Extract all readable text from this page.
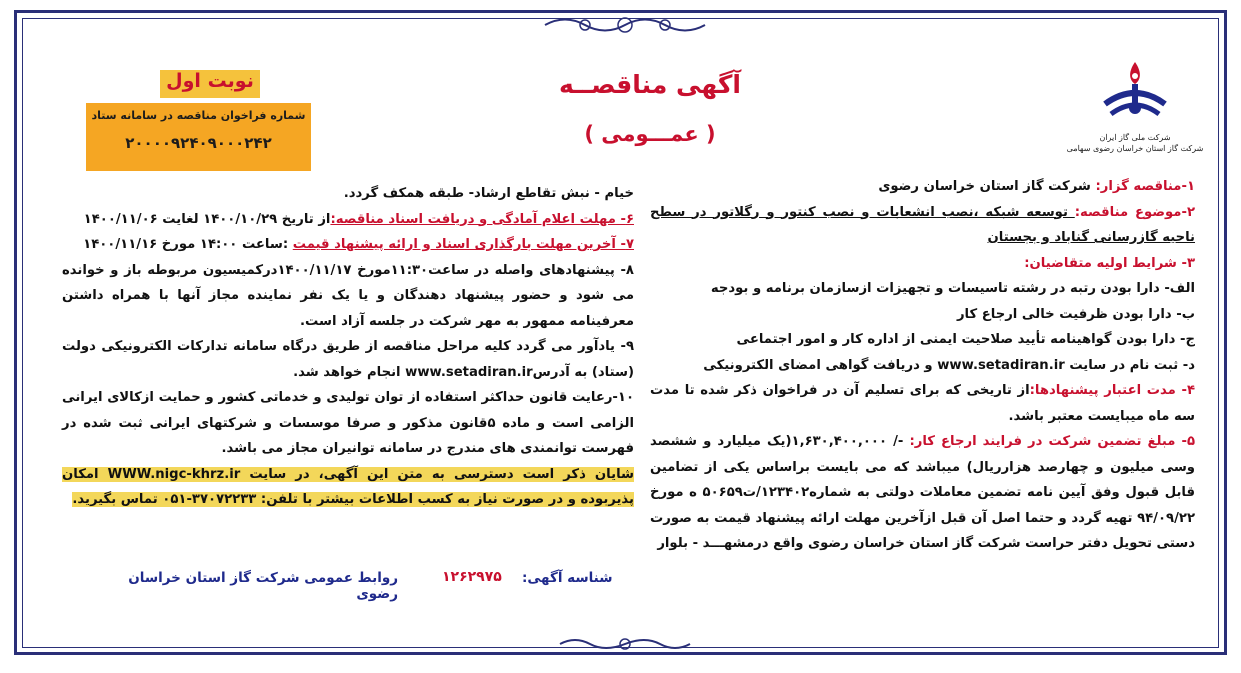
شرکت ملی گاز ایران
شرکت گاز استان خراسان رضوی سهامی
آگهی مناقصــه
( عمـــومی )
نوبت اول
شماره فراخوان مناقصه در سامانه ستاد
۲۰۰۰۰۹۲۴۰۹۰۰۰۲۴۲

۱-مناقصه گزار: شرکت گاز استان خراسان رضوی

۲-موضوع مناقصه: توسعه شبکه ،نصب انشعابات و نصب کنتور و رگلاتور در سطح ناحیه گازرسانی گناباد و بجستان

۳- شرایط اولیه متقاضیان:

الف- دارا بودن رتبه در رشته تاسیسات و تجهیزات ازسازمان برنامه و بودجه

ب- دارا بودن ظرفیت خالی ارجاع کار

ج- دارا بودن گواهینامه تأیید صلاحیت ایمنی از اداره کار و امور اجتماعی

د- ثبت نام در سایت www.setadiran.ir و دریافت گواهی امضای الکترونیکی

۴- مدت اعتبار پیشنهادها:از تاریخی که برای تسلیم آن در فراخوان ذکر شده تا مدت سه ماه میبایست معتبر باشد.

۵- مبلغ تضمین شرکت در فرایند ارجاع کار: -/ ۱,۶۳۰,۴۰۰,۰۰۰(یک میلیارد و ششصد وسی میلیون و چهارصد هزارریال) میباشد که می بایست براساس یکی از تضامین قابل قبول وفق آیین نامه تضمین معاملات دولتی به شماره۱۲۳۴۰۲/ت۵۰۶۵۹ ه مورخ ۹۴/۰۹/۲۲ تهیه گردد و حتما اصل آن قبل ازآخرین مهلت ارائه پیشنهاد قیمت به صورت دستی تحویل دفتر حراست شرکت گاز استان خراسان رضوی واقع درمشهـــد - بلوار

خیام - نبش تقاطع ارشاد- طبقه همکف گردد.

۶- مهلت اعلام آمادگی و دریافت اسناد مناقصه:از تاریخ ۱۴۰۰/۱۰/۲۹ لغایت ۱۴۰۰/۱۱/۰۶

۷- آخرین مهلت بارگذاری اسناد و ارائه پیشنهاد قیمت :ساعت ۱۴:۰۰ مورخ ۱۴۰۰/۱۱/۱۶

۸- پیشنهادهای واصله در ساعت۱۱:۳۰مورخ ۱۴۰۰/۱۱/۱۷درکمیسیون مربوطه باز و خوانده می شود و حضور پیشنهاد دهندگان و یا یک نفر نماینده مجاز آنها با همراه داشتن معرفینامه ممهور به مهر شرکت در جلسه آزاد است.

۹- یادآور می گردد کلیه مراحل مناقصه از طریق درگاه سامانه تدارکات الکترونیکی دولت (ستاد) به آدرسwww.setadiran.ir انجام خواهد شد.

۱۰-رعایت قانون حداکثر استفاده از توان تولیدی و خدماتی کشور و حمایت ازکالای ایرانی الزامی است و ماده ۵قانون مذکور و صرفا موسسات و شرکتهای ایرانی ثبت شده در فهرست توانمندی های مندرج در سامانه توانیران مجاز می باشد.

شایان ذکر است دسترسی به متن این آگهی، در سایت WWW.nigc-khrz.ir امکان پذیربوده و در صورت نیاز به کسب اطلاعات بیشتر با تلفن: ۳۷۰۷۲۲۳۳-۰۵۱ تماس بگیرید.

شناسه آگهی:
۱۲۶۲۹۷۵
روابط عمومی شرکت گاز استان خراسان رضوی
